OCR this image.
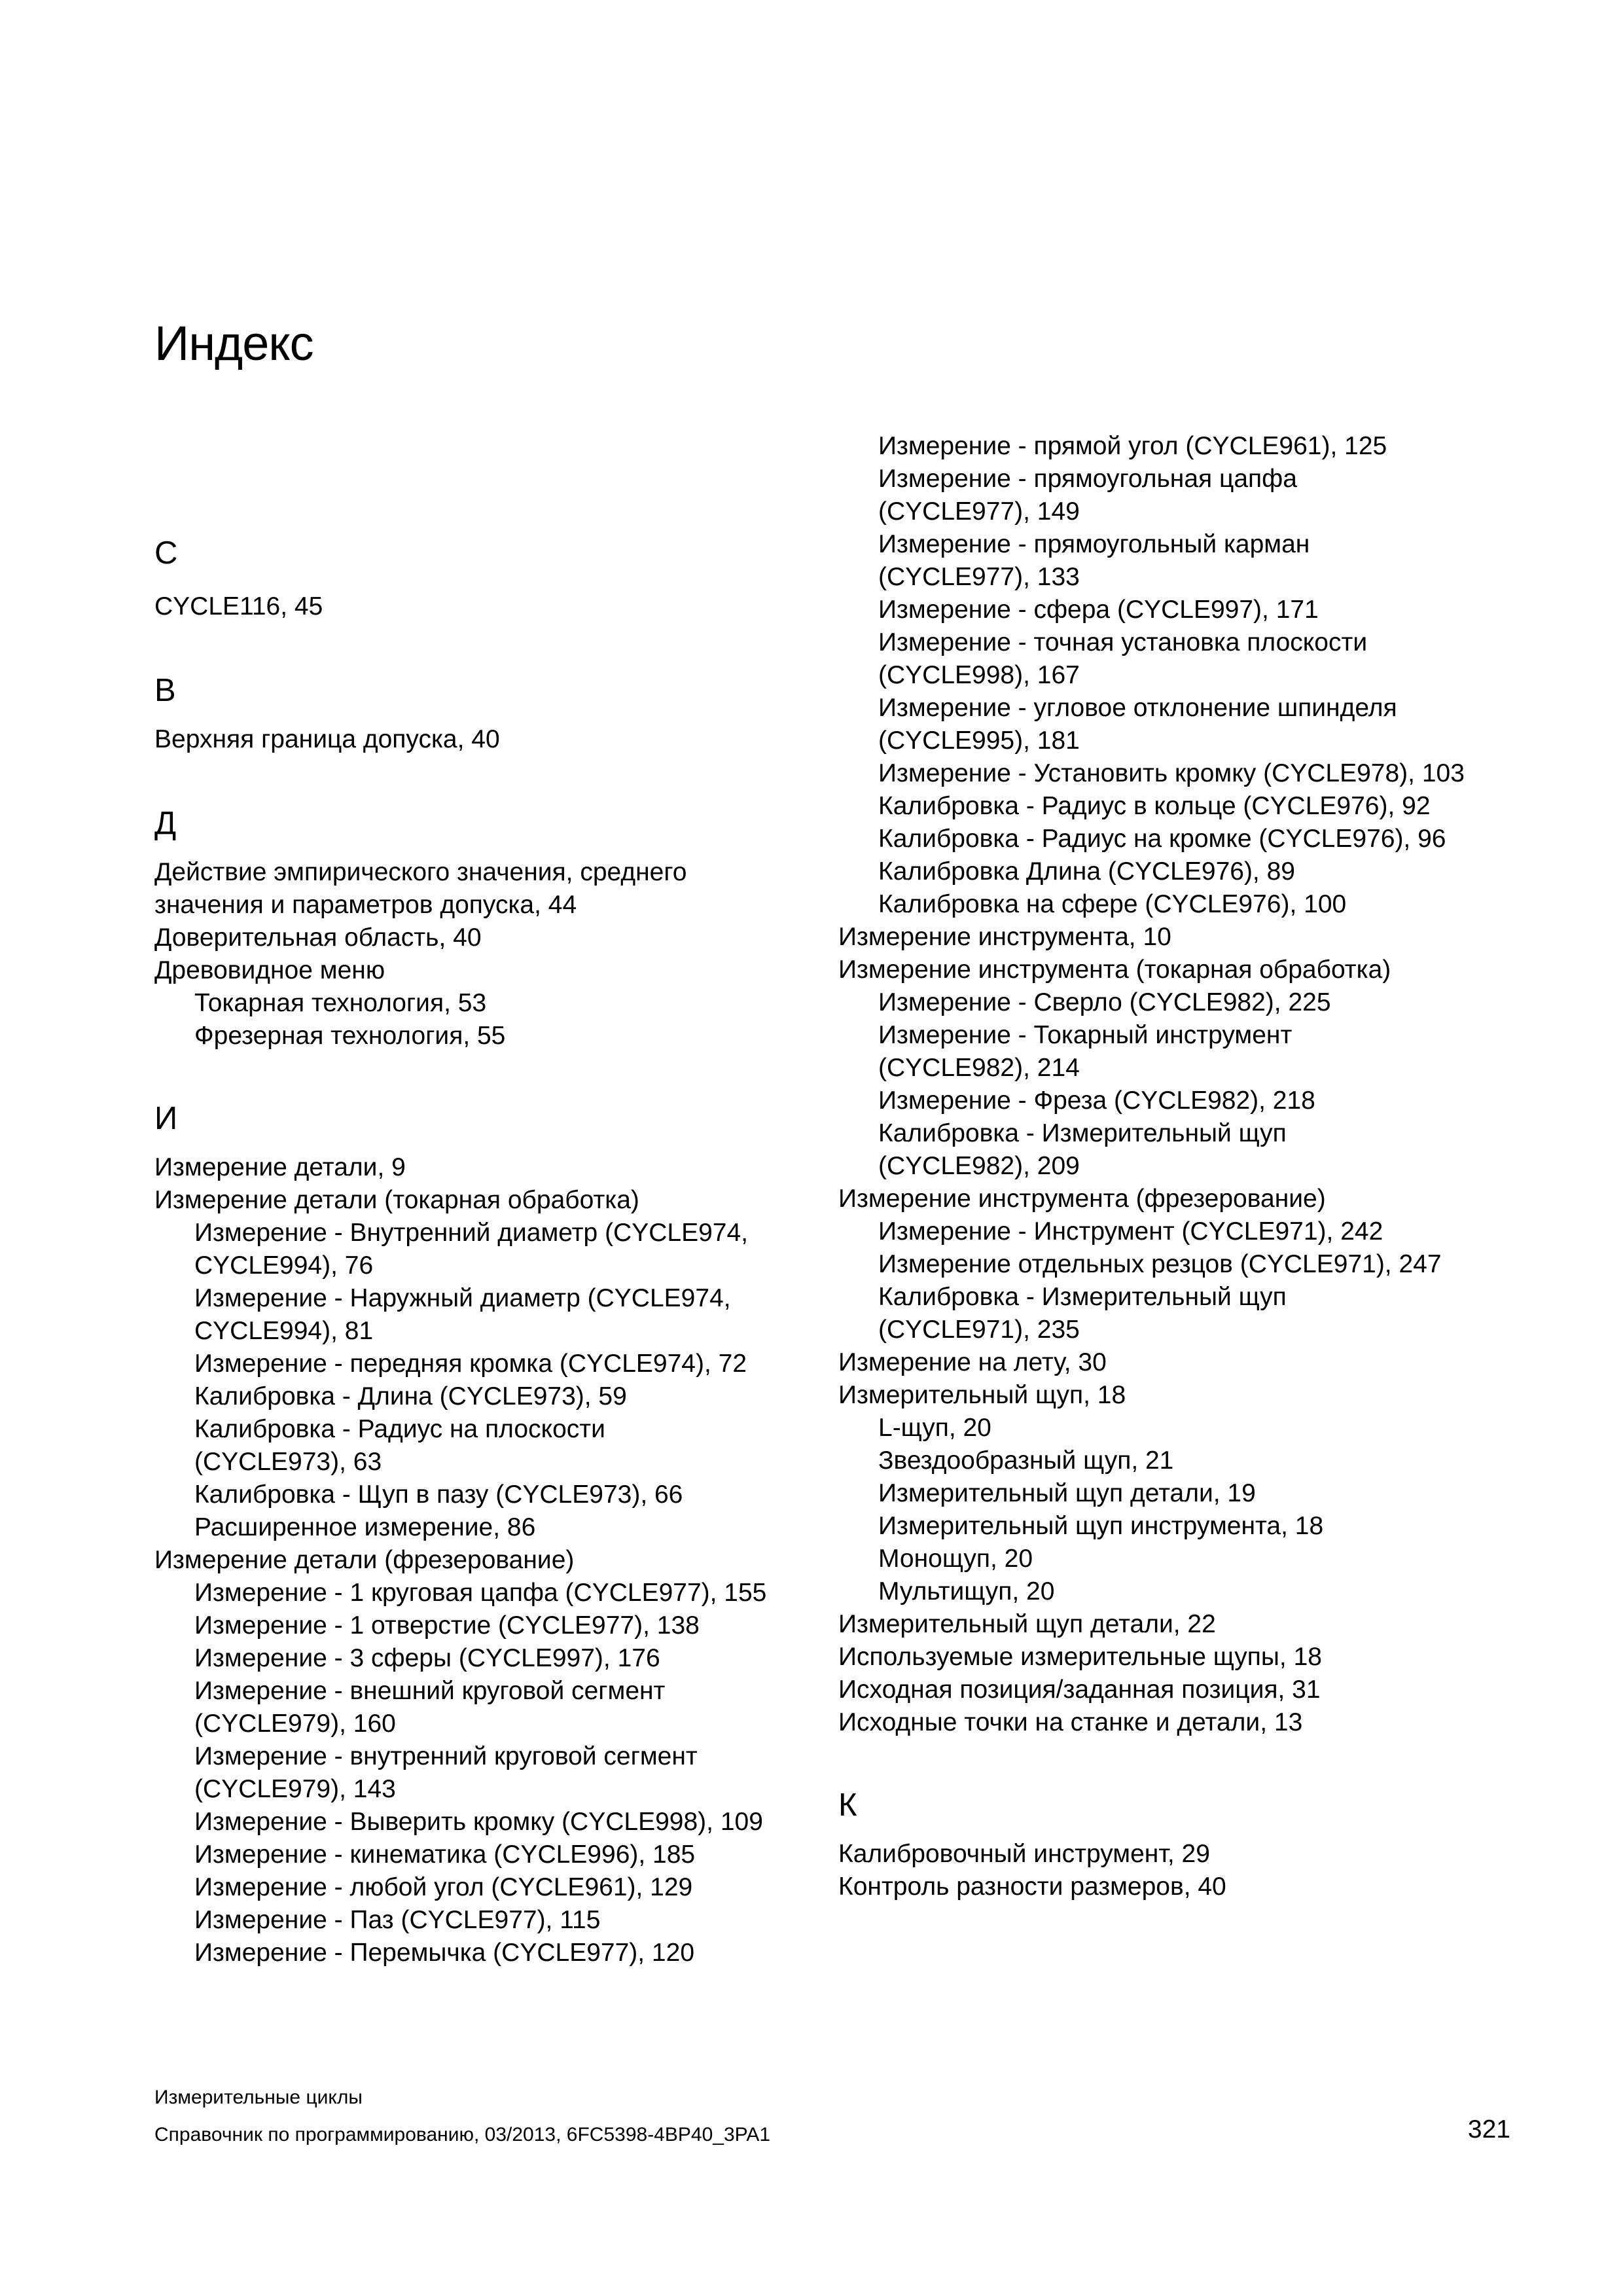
Индекс
С
CYCLE116, 45
В
Верхняя граница допуска, 40
Д
Действие эмпирического значения, среднего
значения и параметров допуска, 44
Доверительная область, 40
Древовидное меню
Токарная технология, 53
Фрезерная технология, 55
И
Измерение детали, 9
Измерение детали (токарная обработка)
Измерение - Внутренний диаметр (CYCLE974,
CYCLE994), 76
Измерение - Наружный диаметр (CYCLE974,
CYCLE994), 81
Измерение - передняя кромка (CYCLE974), 72
Калибровка - Длина (CYCLE973), 59
Калибровка - Радиус на плоскости
(CYCLE973), 63
Калибровка - Щуп в пазу (CYCLE973), 66
Расширенное измерение, 86
Измерение детали (фрезерование)
Измерение - 1 круговая цапфа (CYCLE977), 155
Измерение - 1 отверстие (CYCLE977), 138
Измерение - 3 сферы (CYCLE997), 176
Измерение - внешний круговой сегмент
(CYCLE979), 160
Измерение - внутренний круговой сегмент
(CYCLE979), 143
Измерение - Выверить кромку (CYCLE998), 109
Измерение - кинематика (CYCLE996), 185
Измерение - любой угол (CYCLE961), 129
Измерение - Паз (CYCLE977), 115
Измерение - Перемычка (CYCLE977), 120
Измерение - прямой угол (CYCLE961), 125
Измерение - прямоугольная цапфа
(CYCLE977), 149
Измерение - прямоугольный карман
(CYCLE977), 133
Измерение - сфера (CYCLE997), 171
Измерение - точная установка плоскости
(CYCLE998), 167
Измерение - угловое отклонение шпинделя
(CYCLE995), 181
Измерение - Установить кромку (CYCLE978), 103
Калибровка - Радиус в кольце (CYCLE976), 92
Калибровка - Радиус на кромке (CYCLE976), 96
Калибровка Длина (CYCLE976), 89
Калибровка на сфере (CYCLE976), 100
Измерение инструмента, 10
Измерение инструмента (токарная обработка)
Измерение - Сверло (CYCLE982), 225
Измерение - Токарный инструмент
(CYCLE982), 214
Измерение - Фреза (CYCLE982), 218
Калибровка - Измерительный щуп
(CYCLE982), 209
Измерение инструмента (фрезерование)
Измерение - Инструмент (CYCLE971), 242
Измерение отдельных резцов (CYCLE971), 247
Калибровка - Измерительный щуп
(CYCLE971), 235
Измерение на лету, 30
Измерительный щуп, 18
L-щуп, 20
Звездообразный щуп, 21
Измерительный щуп детали, 19
Измерительный щуп инструмента, 18
Монощуп, 20
Мультищуп, 20
Измерительный щуп детали, 22
Используемые измерительные щупы, 18
Исходная позиция/заданная позиция, 31
Исходные точки на станке и детали, 13
К
Калибровочный инструмент, 29
Контроль разности размеров, 40
Измерительные циклы
Справочник по программированию, 03/2013, 6FC5398-4BP40_3PA1	321
